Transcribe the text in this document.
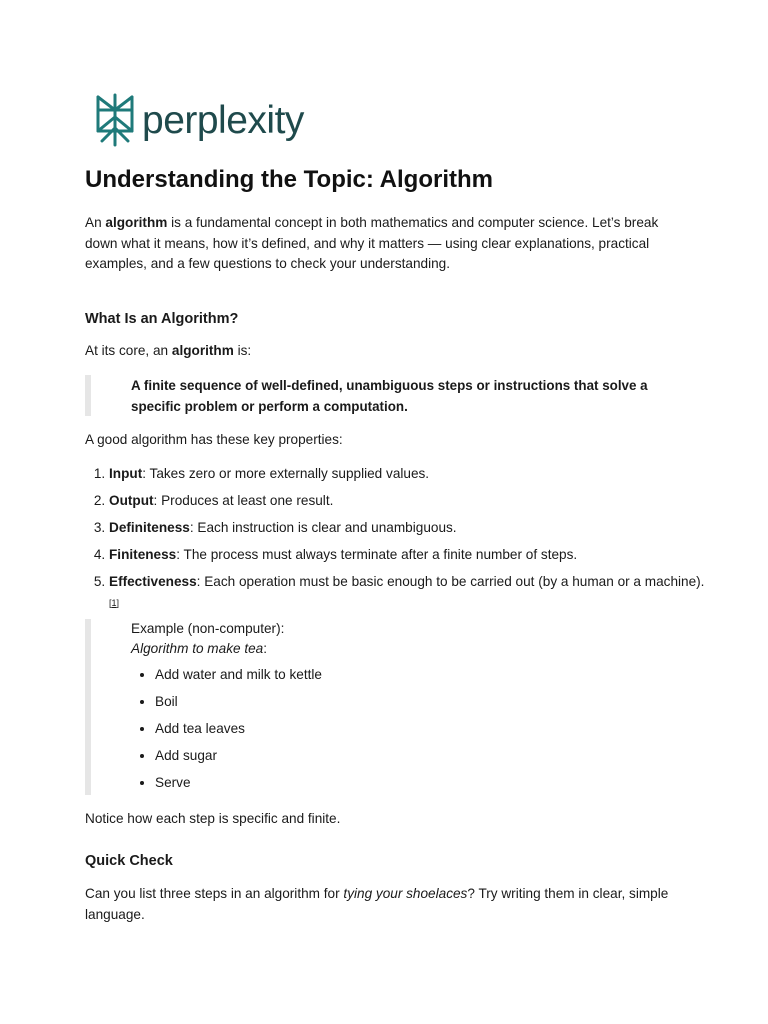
perplexity
Understanding the Topic: Algorithm

An algorithm is a fundamental concept in both mathematics and computer science. Let’s break down what it means, how it’s defined, and why it matters — using clear explanations, practical examples, and a few questions to check your understanding.

What Is an Algorithm?

At its core, an algorithm is:

A finite sequence of well-defined, unambiguous steps or instructions that solve a specific problem or perform a computation.

A good algorithm has these key properties:

1. Input: Takes zero or more externally supplied values.
2. Output: Produces at least one result.
3. Definiteness: Each instruction is clear and unambiguous.
4. Finiteness: The process must always terminate after a finite number of steps.
5. Effectiveness: Each operation must be basic enough to be carried out (by a human or a machine). [1]

Example (non-computer):

Algorithm to make tea:

• Add water and milk to kettle
• Boil
• Add tea leaves
• Add sugar
• Serve

Notice how each step is specific and finite.

Quick Check

Can you list three steps in an algorithm for tying your shoelaces? Try writing them in clear, simple language.
